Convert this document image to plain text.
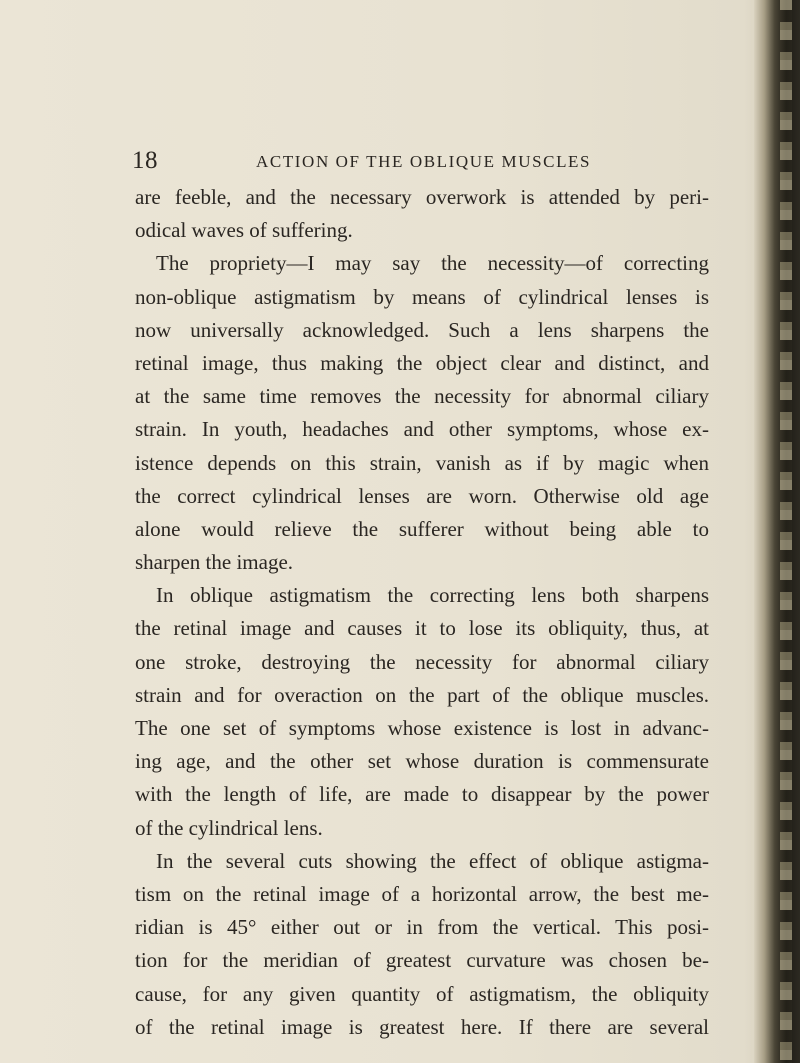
18	ACTION OF THE OBLIQUE MUSCLES
are feeble, and the necessary overwork is attended by peri-
odical waves of suffering.
The propriety—I may say the necessity—of correcting
non-oblique astigmatism by means of cylindrical lenses is
now universally acknowledged. Such a lens sharpens the
retinal image, thus making the object clear and distinct, and
at the same time removes the necessity for abnormal ciliary
strain. In youth, headaches and other symptoms, whose ex-
istence depends on this strain, vanish as if by magic when
the correct cylindrical lenses are worn. Otherwise old age
alone would relieve the sufferer without being able to
sharpen the image.
In oblique astigmatism the correcting lens both sharpens
the retinal image and causes it to lose its obliquity, thus, at
one stroke, destroying the necessity for abnormal ciliary
strain and for overaction on the part of the oblique muscles.
The one set of symptoms whose existence is lost in advanc-
ing age, and the other set whose duration is commensurate
with the length of life, are made to disappear by the power
of the cylindrical lens.
In the several cuts showing the effect of oblique astigma-
tism on the retinal image of a horizontal arrow, the best me-
ridian is 45° either out or in from the vertical. This posi-
tion for the meridian of greatest curvature was chosen be-
cause, for any given quantity of astigmatism, the obliquity
of the retinal image is greatest here. If there are several
